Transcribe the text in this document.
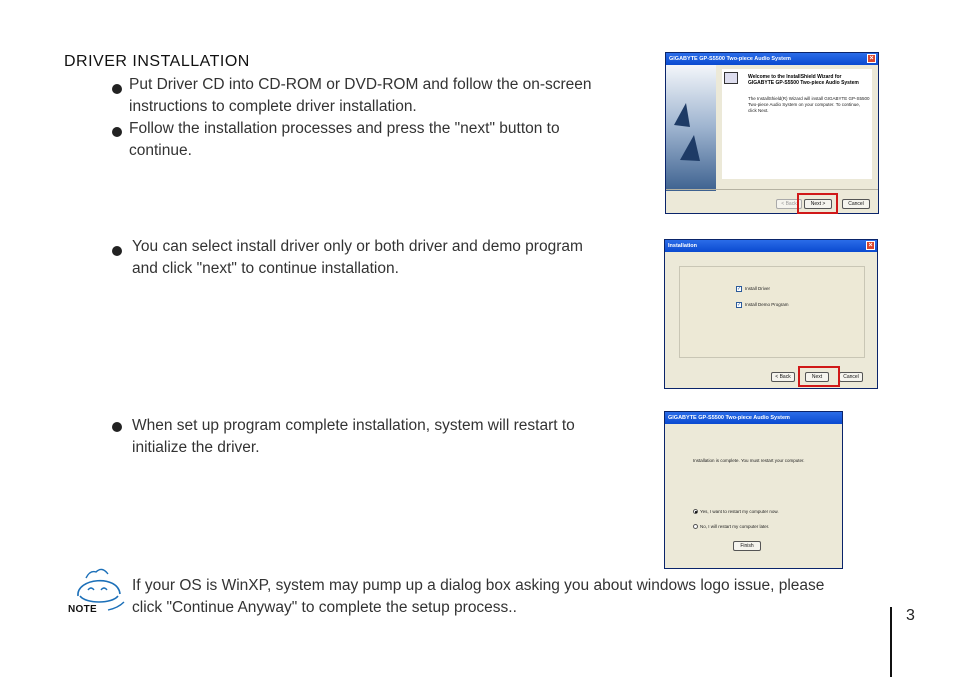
DRIVER INSTALLATION
Put Driver CD into CD-ROM or DVD-ROM and follow the on-screen
instructions to complete driver installation.
Follow the installation processes and press the "next" button to
continue.
GIGABYTE GP-S5500 Two-piece Audio System	×
Welcome to the InstallShield Wizard for
GIGABYTE GP-S5500 Two-piece Audio System
The InstallShield(R) Wizard will install GIGABYTE GP-S5500
Two-piece Audio System on your computer. To continue,
click Next.
< Back	Next >	Cancel
You can select install driver only or both driver and demo program
and click "next" to continue installation.
Installation	×
✓ Install Driver
✓ Install Demo Program
< Back	Next	Cancel
When set up program complete installation, system will restart to
initialize the driver.
GIGABYTE GP-S5500 Two-piece Audio System
Installation is complete. You must restart your computer.
Yes, I want to restart my computer now.
No, I will restart my computer later.
Finish
NOTE
If your OS is WinXP, system may pump up a dialog box asking you about windows logo issue, please
click "Continue Anyway" to complete the setup process..	3
